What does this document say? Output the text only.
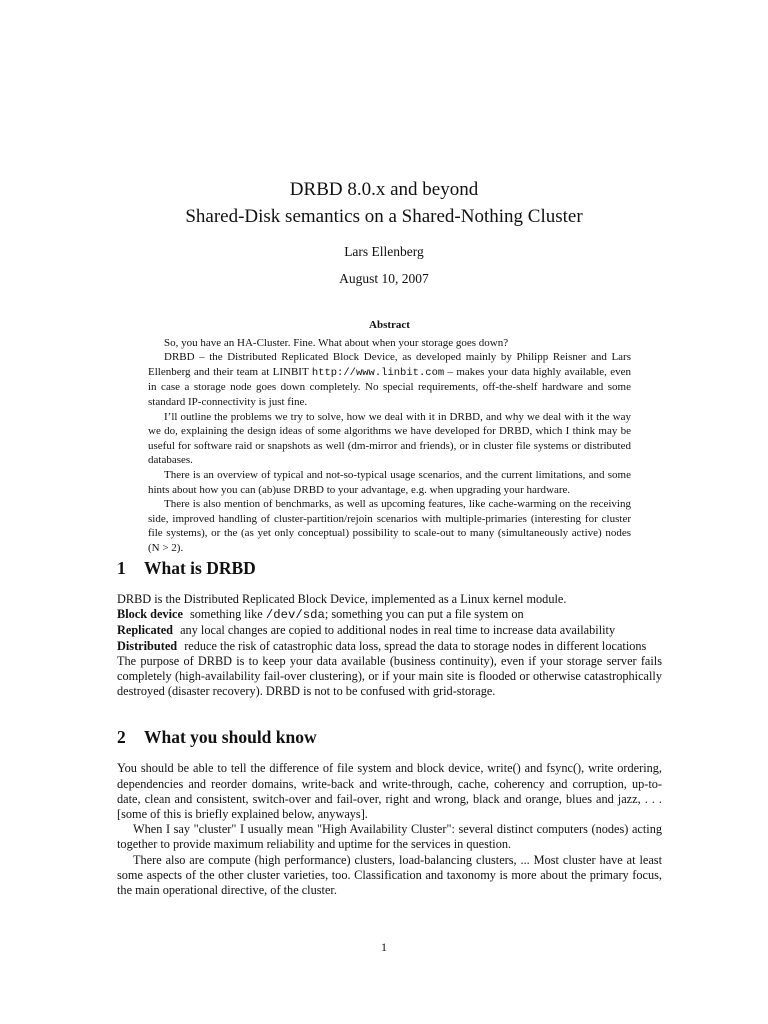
DRBD 8.0.x and beyond
Shared-Disk semantics on a Shared-Nothing Cluster
Lars Ellenberg
August 10, 2007
Abstract

So, you have an HA-Cluster. Fine. What about when your storage goes down?

DRBD – the Distributed Replicated Block Device, as developed mainly by Philipp Reisner and Lars Ellenberg and their team at LINBIT http://www.linbit.com – makes your data highly available, even in case a storage node goes down completely. No special requirements, off-the-shelf hardware and some standard IP-connectivity is just fine.

I’ll outline the problems we try to solve, how we deal with it in DRBD, and why we deal with it the way we do, explaining the design ideas of some algorithms we have developed for DRBD, which I think may be useful for software raid or snapshots as well (dm-mirror and friends), or in cluster file systems or distributed databases.

There is an overview of typical and not-so-typical usage scenarios, and the current limitations, and some hints about how you can (ab)use DRBD to your advantage, e.g. when upgrading your hardware.

There is also mention of benchmarks, as well as upcoming features, like cache-warming on the receiving side, improved handling of cluster-partition/rejoin scenarios with multiple-primaries (interesting for cluster file systems), or the (as yet only conceptual) possibility to scale-out to many (simultaneously active) nodes (N > 2).

1 What is DRBD

DRBD is the Distributed Replicated Block Device, implemented as a Linux kernel module.

Block device something like /dev/sda; something you can put a file system on

Replicated any local changes are copied to additional nodes in real time to increase data availability

Distributed reduce the risk of catastrophic data loss, spread the data to storage nodes in different locations

The purpose of DRBD is to keep your data available (business continuity), even if your storage server fails completely (high-availability fail-over clustering), or if your main site is flooded or otherwise catastrophically destroyed (disaster recovery). DRBD is not to be confused with grid-storage.

2 What you should know

You should be able to tell the difference of file system and block device, write() and fsync(), write ordering, dependencies and reorder domains, write-back and write-through, cache, coherency and corruption, up-to-date, clean and consistent, switch-over and fail-over, right and wrong, black and orange, blues and jazz, . . . [some of this is briefly explained below, anyways].

When I say "cluster" I usually mean "High Availability Cluster": several distinct computers (nodes) acting together to provide maximum reliability and uptime for the services in question.

There also are compute (high performance) clusters, load-balancing clusters, ... Most cluster have at least some aspects of the other cluster varieties, too. Classification and taxonomy is more about the primary focus, the main operational directive, of the cluster.

1
